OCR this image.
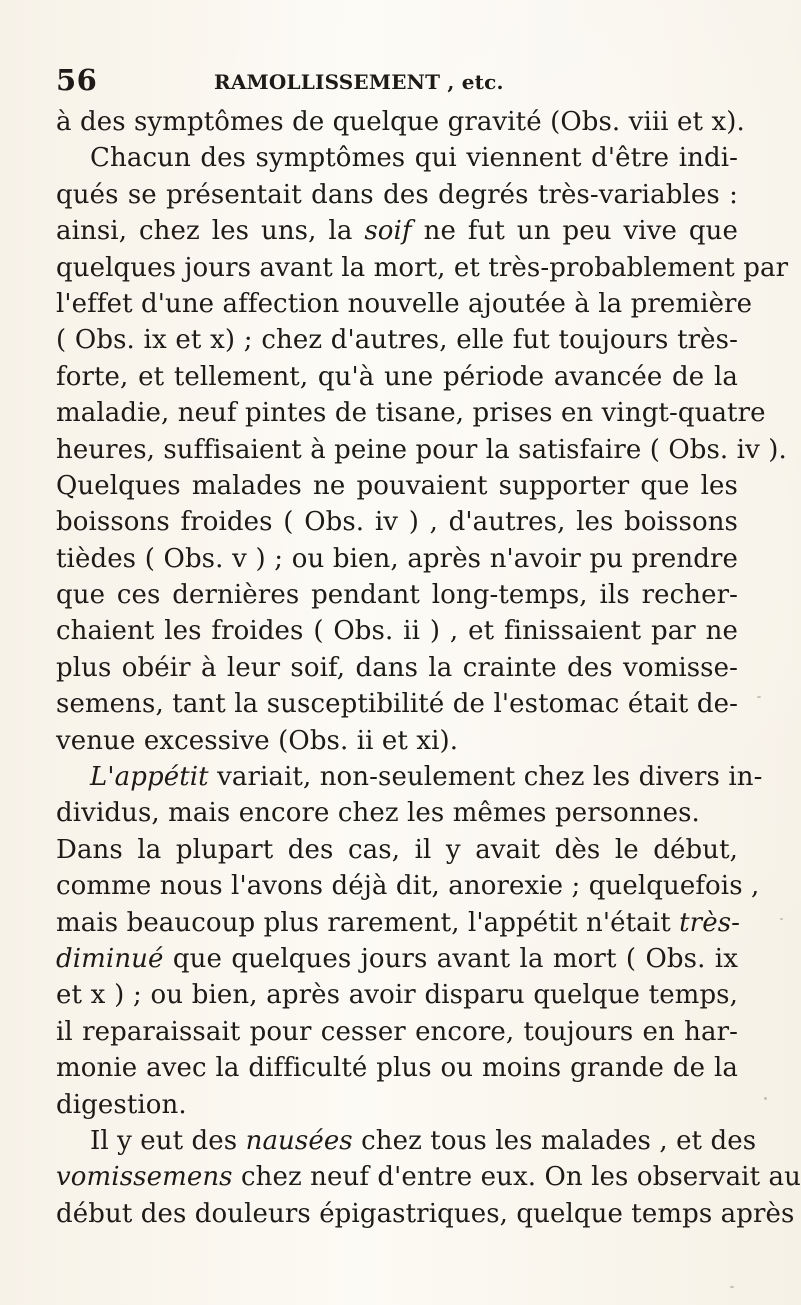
56	RAMOLLISSEMENT , etc.
à des symptômes de quelque gravité (Obs. viii et x).
Chacun des symptômes qui viennent d'être indi-
qués se présentait dans des degrés très-variables :
ainsi, chez les uns, la soif ne fut un peu vive que
quelques jours avant la mort, et très-probablement par
l'effet d'une affection nouvelle ajoutée à la première
( Obs. ix et x) ; chez d'autres, elle fut toujours très-
forte, et tellement, qu'à une période avancée de la
maladie, neuf pintes de tisane, prises en vingt-quatre
heures, suffisaient à peine pour la satisfaire ( Obs. iv ).
Quelques malades ne pouvaient supporter que les
boissons froides ( Obs. iv ) , d'autres, les boissons
tièdes ( Obs. v ) ; ou bien, après n'avoir pu prendre
que ces dernières pendant long-temps, ils recher-
chaient les froides ( Obs. ii ) , et finissaient par ne
plus obéir à leur soif, dans la crainte des vomisse-
semens, tant la susceptibilité de l'estomac était de-
venue excessive (Obs. ii et xi).
L'appétit variait, non-seulement chez les divers in-
dividus, mais encore chez les mêmes personnes.
Dans la plupart des cas, il y avait dès le début,
comme nous l'avons déjà dit, anorexie ; quelquefois ,
mais beaucoup plus rarement, l'appétit n'était très-
diminué que quelques jours avant la mort ( Obs. ix
et x ) ; ou bien, après avoir disparu quelque temps,
il reparaissait pour cesser encore, toujours en har-
monie avec la difficulté plus ou moins grande de la
digestion.
Il y eut des nausées chez tous les malades , et des
vomissemens chez neuf d'entre eux. On les observait au
début des douleurs épigastriques, quelque temps après
